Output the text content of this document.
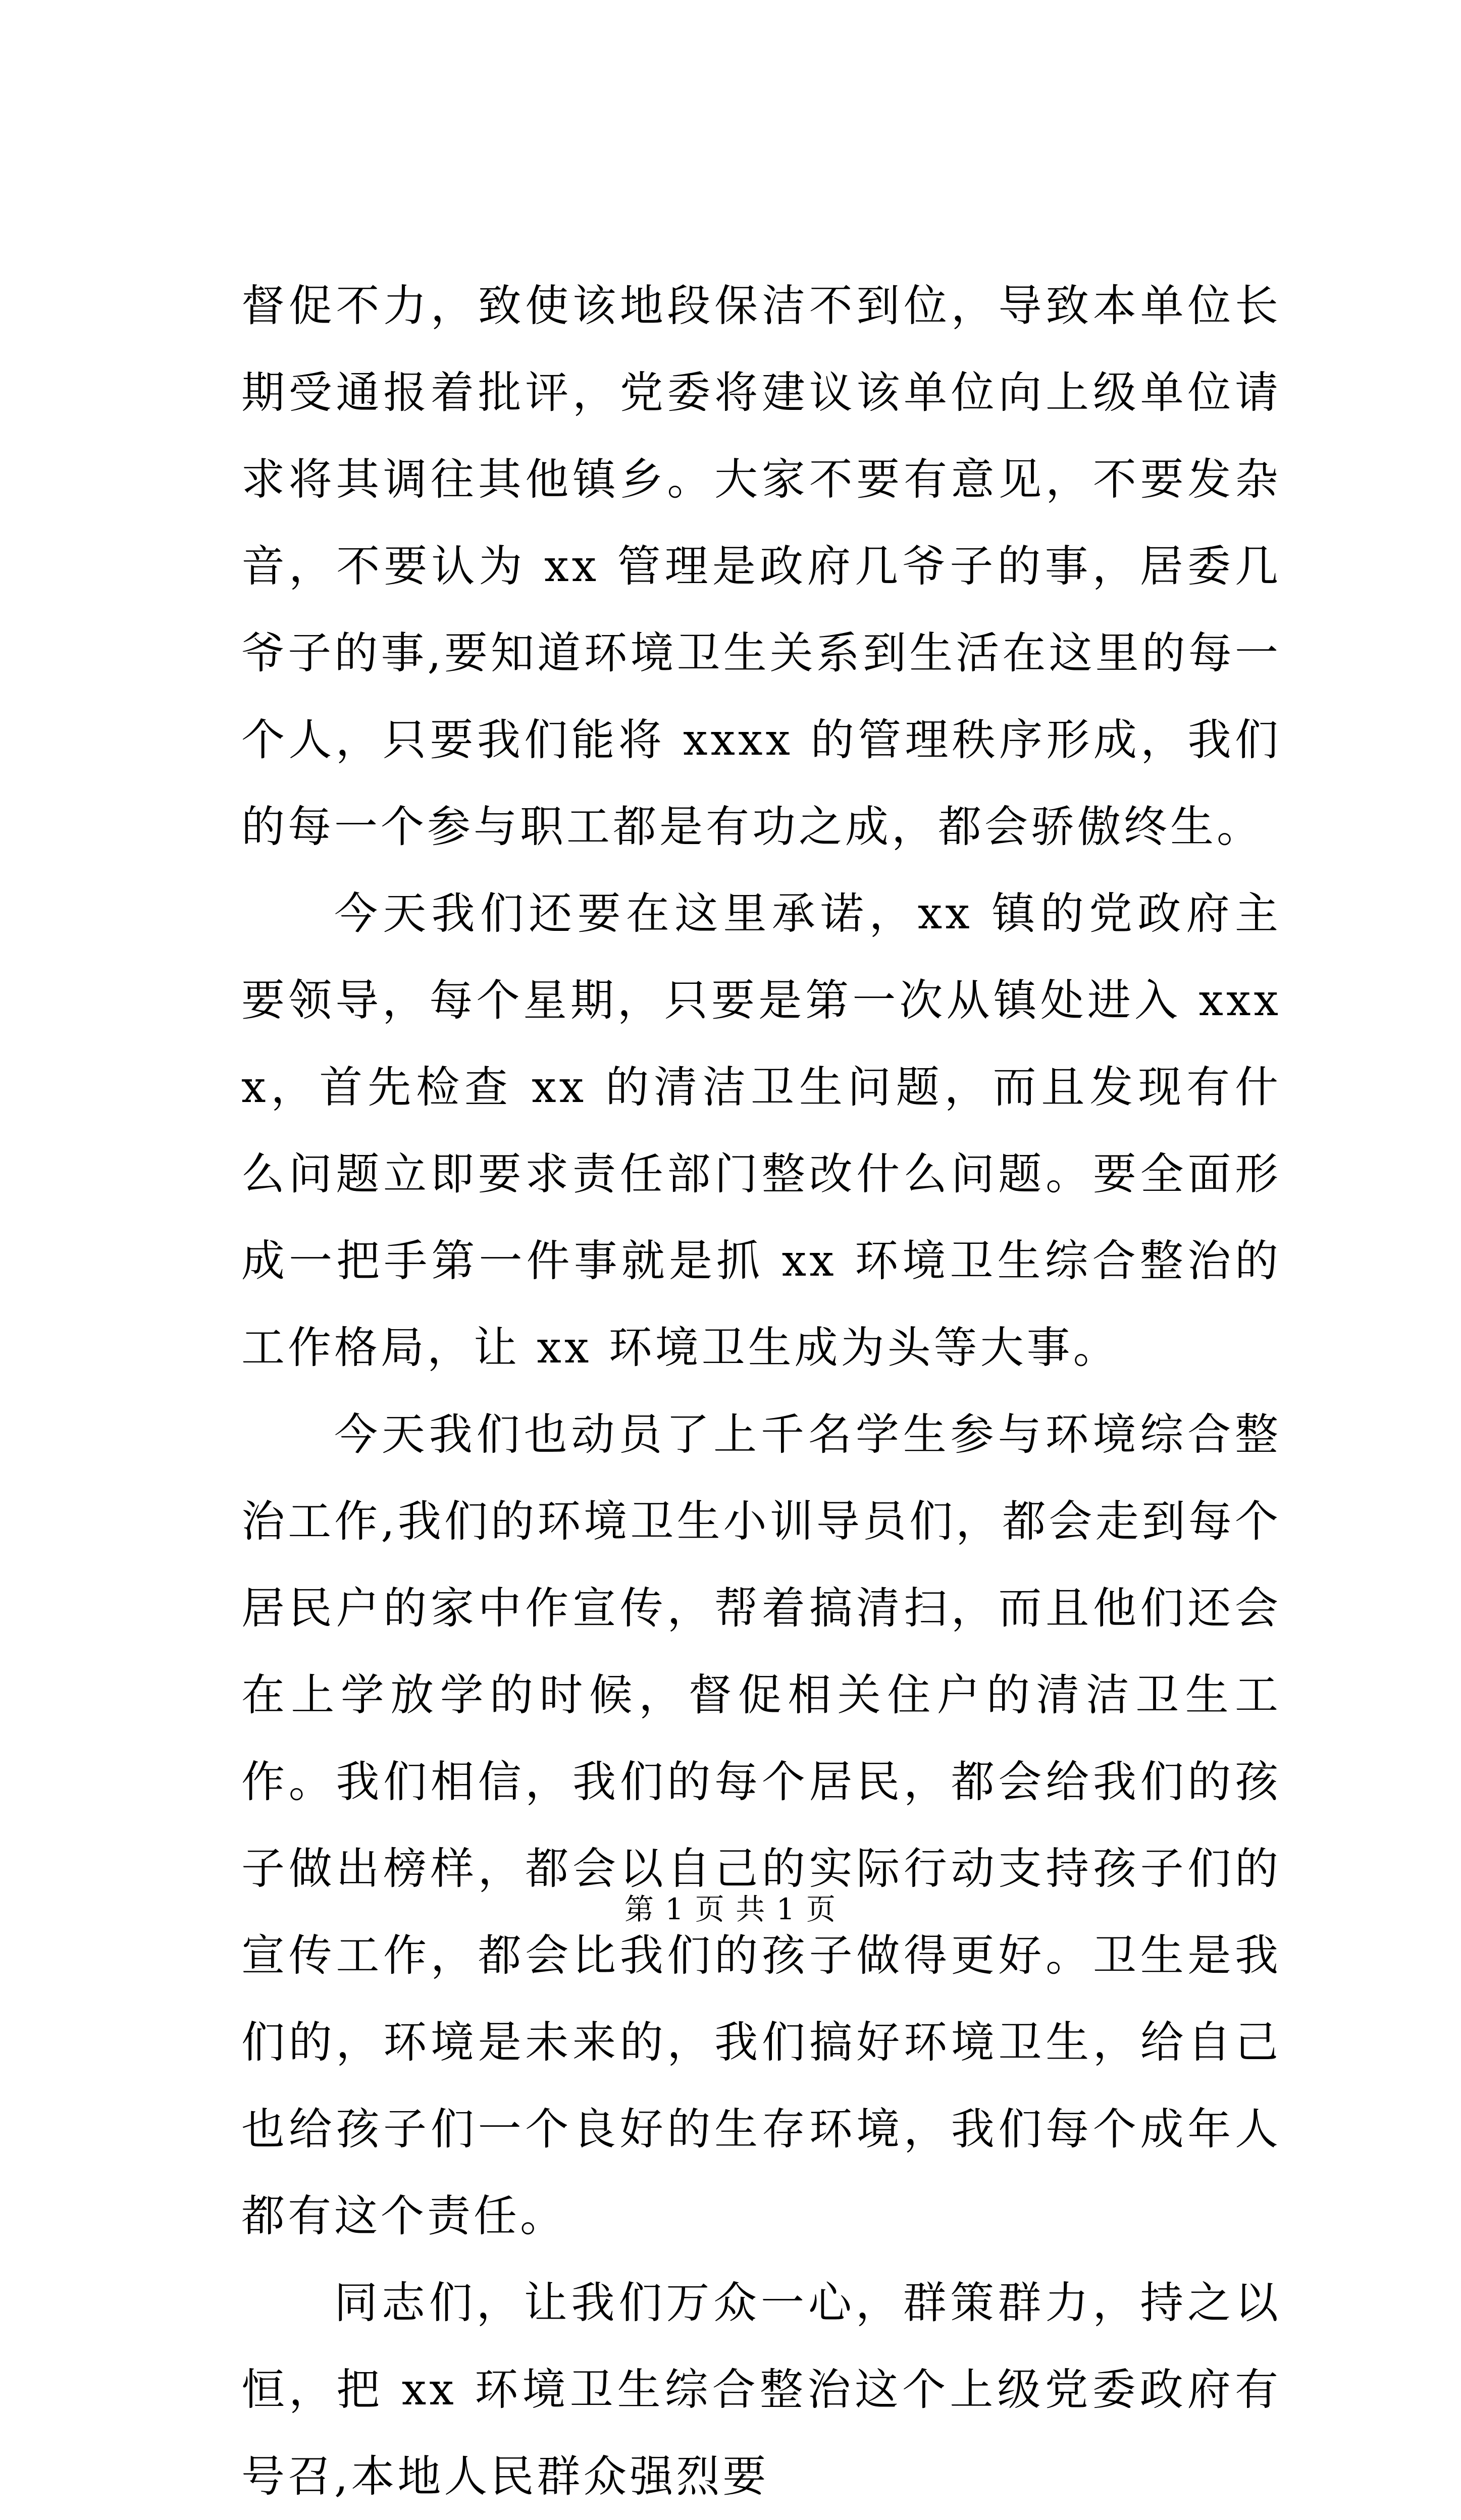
督促不力，致使该地段保洁不到位，导致本单位长期受通报着批评，党委将建议该单位向上级单位请求将其调往其他镇乡。大家不要有意见，不要发杂音，不要认为 xx 管理是政府几爷子的事，居委几爷子的事,要知道环境卫生关系到生活在这里的每一个人，只要我们能将 xxxx 的管理秩序形成，我们的每一个参与职工都是有功之成，都会骄傲终生。

今天我们还要在这里承诺，xx 镇的党政府主要领导，每个星期，只要是第一次从镇处进入 xxxx，首先检查 xx 的清洁卫生问题，而且发现有什么问题立即要求责任部门整改什么问题。要全面形成一把手第一件事就是抓 xx 环境卫生综合整治的工作格局，让 xx 环境卫生成为头等大事。

今天我们也动员了上千名学生参与环境综合整治工作,我们的环境卫生小训导员们，都会走到每个居民户的家中作宣传，帮着搞清扫，而且他们还会在上学放学的时候，督促相关住户的清洁卫生工作。我们相信，我们的每个居民，都会给我们的孩子做出榜样，都会以自己的实际行动支持孩子们的宣传工作，都会比我们的孩子做得更好。卫生是我们的，环境是未来的，我们搞好环境卫生，给自己也给孩子们一个良好的生存环境，我们每个成年人都有这个责任。

同志们，让我们万众一心，群策群力，持之以恒，把 xx 环境卫生综合整治这个上级党委政府有号召,本地人民群众强烈要

第 1 页 共 1 页
